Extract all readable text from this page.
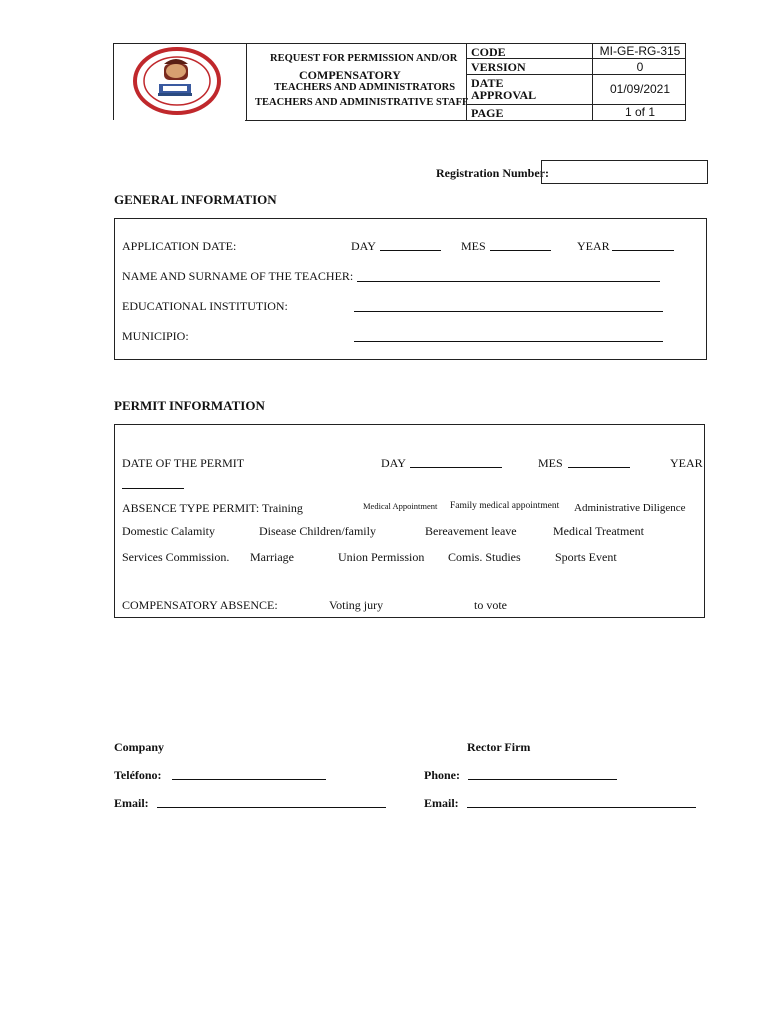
REQUEST FOR PERMISSION AND/OR
COMPENSATORY
TEACHERS AND ADMINISTRATORS
TEACHERS AND ADMINISTRATIVE STAFF
CODE	MI-GE-RG-315
VERSION	0
DATE APPROVAL	01/09/2021
PAGE	1 of 1
Registration Number:
GENERAL INFORMATION
APPLICATION DATE:	DAY	MES	YEAR
NAME AND SURNAME OF THE TEACHER:
EDUCATIONAL INSTITUTION:
MUNICIPIO:
PERMIT INFORMATION
DATE OF THE PERMIT	DAY	MES	YEAR
ABSENCE TYPE PERMIT: Training	Medical Appointment Family medical appointment Administrative Diligence
Domestic Calamity	Disease Children/family	Bereavement leave	Medical Treatment
Services Commission. Marriage	Union Permission Comis. Studies	Sports Event
COMPENSATORY ABSENCE:	Voting jury	to vote
Company	Rector Firm
Teléfono:	Phone:
Email:	Email:
